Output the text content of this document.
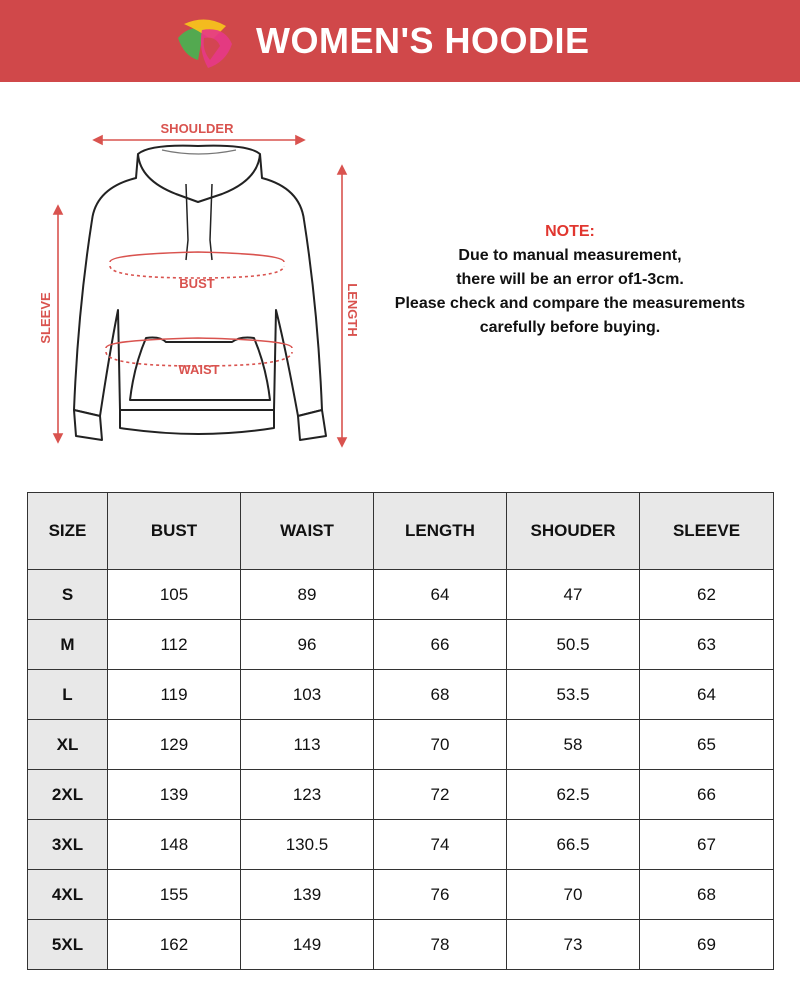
WOMEN'S HOODIE
SHOULDER
BUST
WAIST
SLEEVE	LENGTH
NOTE:
Due to manual measurement,
there will be an error of1-3cm.
Please check and compare the measurements
carefully before buying.
SIZE	BUST	WAIST	LENGTH	SHOUDER	SLEEVE
S	105	89	64	47	62
M	112	96	66	50.5	63
L	119	103	68	53.5	64
XL	129	113	70	58	65
2XL	139	123	72	62.5	66
3XL	148	130.5	74	66.5	67
4XL	155	139	76	70	68
5XL	162	149	78	73	69
